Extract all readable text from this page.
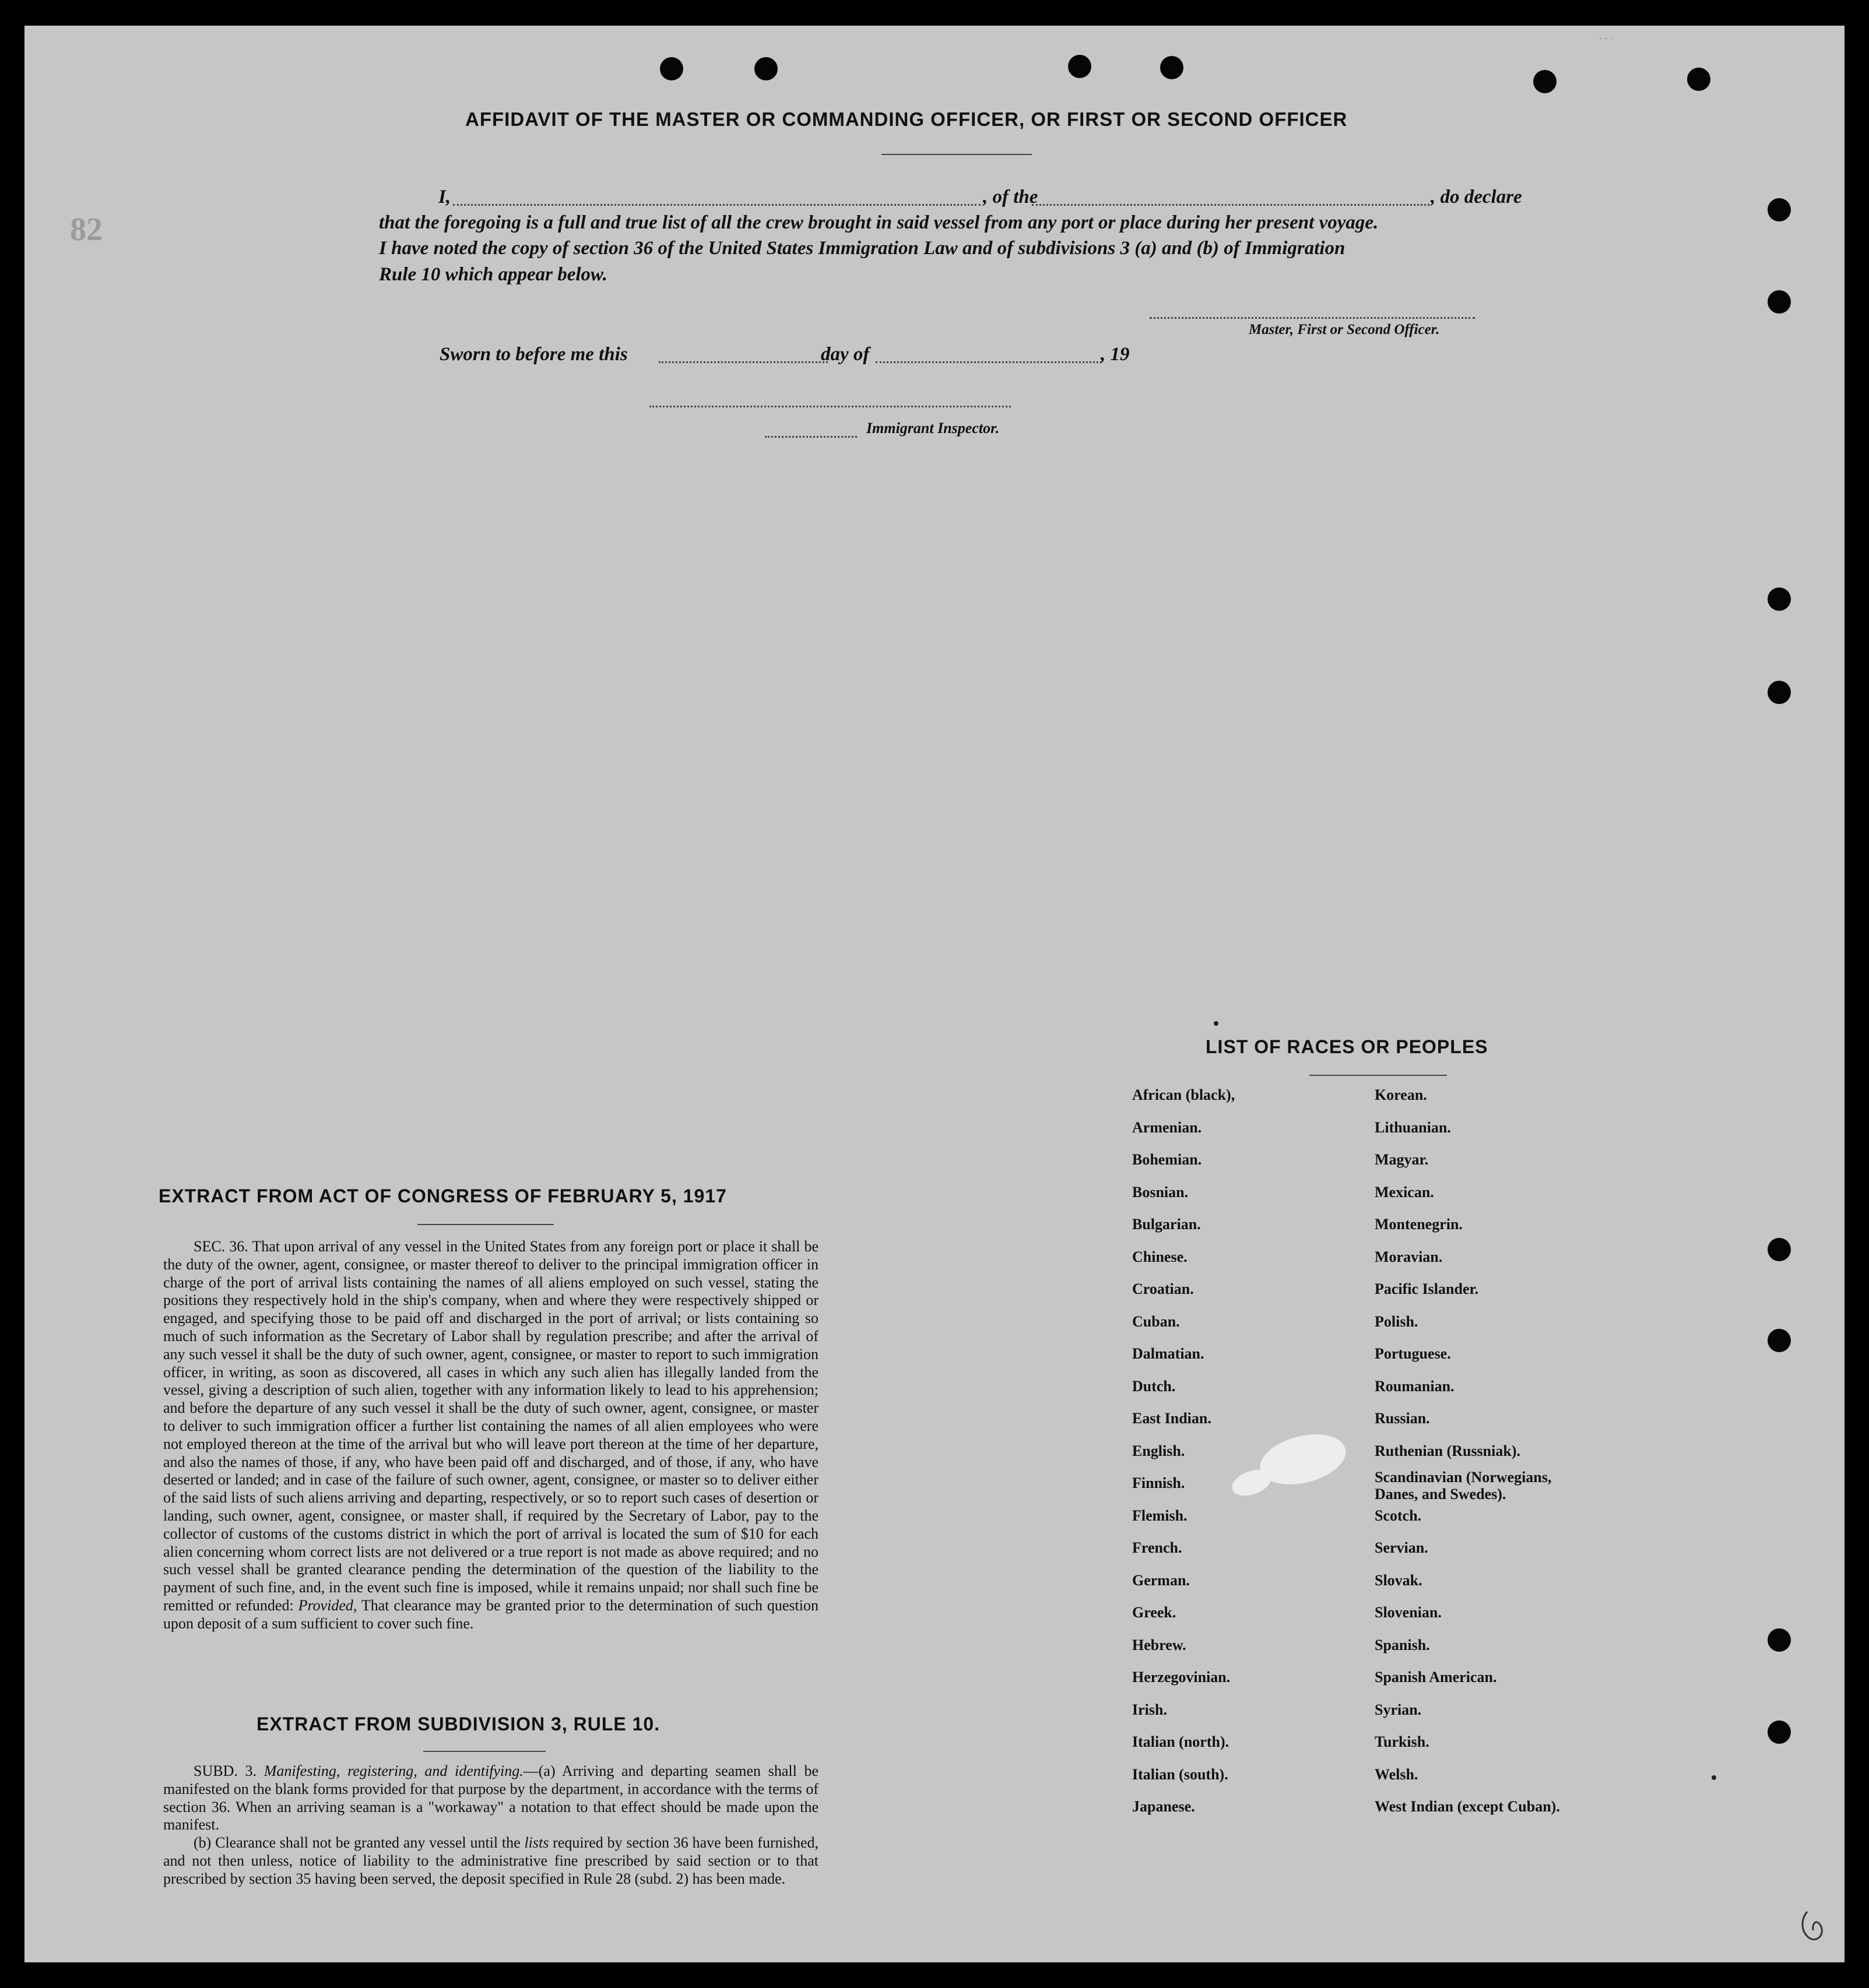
82
· · ·
AFFIDAVIT OF THE MASTER OR COMMANDING OFFICER, OR FIRST OR SECOND OFFICER
I,	, of the	, do declare
that the foregoing is a full and true list of all the crew brought in said vessel from any port or place during her present voyage.
I have noted the copy of section 36 of the United States Immigration Law and of subdivisions 3 (a) and (b) of Immigration
Rule 10 which appear below.
Master, First or Second Officer.
Sworn to before me this	day of	, 19
Immigrant Inspector.
LIST OF RACES OR PEOPLES
African (black),
Armenian.
Bohemian.
Bosnian.
Bulgarian.
Chinese.
Croatian.
Cuban.
Dalmatian.
Dutch.
East Indian.
English.
Finnish.
Flemish.
French.
German.
Greek.
Hebrew.
Herzegovinian.
Irish.
Italian (north).
Italian (south).
Japanese.
Korean.
Lithuanian.
Magyar.
Mexican.
Montenegrin.
Moravian.
Pacific Islander.
Polish.
Portuguese.
Roumanian.
Russian.
Ruthenian (Russniak).
Scandinavian (Norwegians, Danes, and Swedes).
Scotch.
Servian.
Slovak.
Slovenian.
Spanish.
Spanish American.
Syrian.
Turkish.
Welsh.
West Indian (except Cuban).
EXTRACT FROM ACT OF CONGRESS OF FEBRUARY 5, 1917

SEC. 36. That upon arrival of any vessel in the United States from any foreign port or place it shall be the duty of the owner, agent, consignee, or master thereof to deliver to the principal immigration officer in charge of the port of arrival lists containing the names of all aliens employed on such vessel, stating the positions they respectively hold in the ship's company, when and where they were respectively shipped or engaged, and specifying those to be paid off and discharged in the port of arrival; or lists containing so much of such information as the Secretary of Labor shall by regulation prescribe; and after the arrival of any such vessel it shall be the duty of such owner, agent, consignee, or master to report to such immigration officer, in writing, as soon as discovered, all cases in which any such alien has illegally landed from the vessel, giving a description of such alien, together with any information likely to lead to his apprehension; and before the departure of any such vessel it shall be the duty of such owner, agent, consignee, or master to deliver to such immigration officer a further list containing the names of all alien employees who were not employed thereon at the time of the arrival but who will leave port thereon at the time of her departure, and also the names of those, if any, who have been paid off and discharged, and of those, if any, who have deserted or landed; and in case of the failure of such owner, agent, consignee, or master so to deliver either of the said lists of such aliens arriving and departing, respectively, or so to report such cases of desertion or landing, such owner, agent, consignee, or master shall, if required by the Secretary of Labor, pay to the collector of customs of the customs district in which the port of arrival is located the sum of $10 for each alien concerning whom correct lists are not delivered or a true report is not made as above required; and no such vessel shall be granted clearance pending the determination of the question of the liability to the payment of such fine, and, in the event such fine is imposed, while it remains unpaid; nor shall such fine be remitted or refunded: Provided, That clearance may be granted prior to the determination of such question upon deposit of a sum sufficient to cover such fine.

EXTRACT FROM SUBDIVISION 3, RULE 10.

SUBD. 3. Manifesting, registering, and identifying.—(a) Arriving and departing seamen shall be manifested on the blank forms provided for that purpose by the department, in accordance with the terms of section 36. When an arriving seaman is a "workaway" a notation to that effect should be made upon the manifest.

(b) Clearance shall not be granted any vessel until the lists required by section 36 have been furnished, and not then unless, notice of liability to the administrative fine prescribed by said section or to that prescribed by section 35 having been served, the deposit specified in Rule 28 (subd. 2) has been made.
